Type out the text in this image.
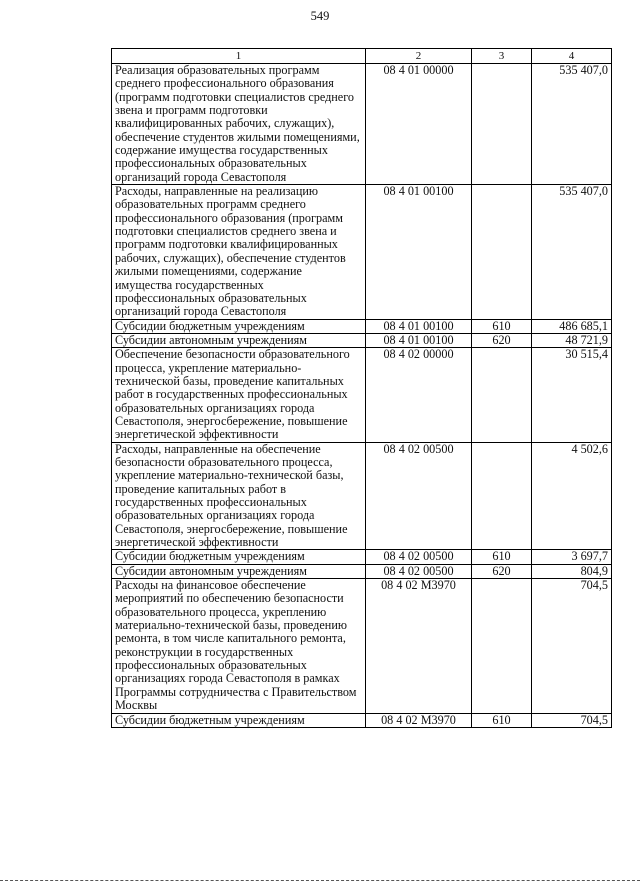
549
1	2	3	4
Реализация образовательных программ среднего профессионального образования (программ подготовки специалистов среднего звена и программ подготовки квалифицированных рабочих, служащих), обеспечение студентов жилыми помещениями, содержание имущества государственных профессиональных образовательных организаций города Севастополя	08 4 01 00000		535 407,0
Расходы, направленные на реализацию образовательных программ среднего профессионального образования (программ подготовки специалистов среднего звена и программ подготовки квалифицированных рабочих, служащих), обеспечение студентов жилыми помещениями, содержание имущества государственных профессиональных образовательных организаций города Севастополя	08 4 01 00100		535 407,0
Субсидии бюджетным учреждениям	08 4 01 00100	610	486 685,1
Субсидии автономным учреждениям	08 4 01 00100	620	48 721,9
Обеспечение безопасности образовательного процесса, укрепление материально-технической базы, проведение капитальных работ в государственных профессиональных образовательных организациях города Севастополя, энергосбережение, повышение энергетической эффективности	08 4 02 00000		30 515,4
Расходы, направленные на обеспечение безопасности образовательного процесса, укрепление материально-технической базы, проведение капитальных работ в государственных профессиональных образовательных организациях города Севастополя, энергосбережение, повышение энергетической эффективности	08 4 02 00500		4 502,6
Субсидии бюджетным учреждениям	08 4 02 00500	610	3 697,7
Субсидии автономным учреждениям	08 4 02 00500	620	804,9
Расходы на финансовое обеспечение мероприятий по обеспечению безопасности образовательного процесса, укреплению материально-технической базы, проведению ремонта, в том числе капитального ремонта, реконструкции в государственных профессиональных образовательных организациях города Севастополя в рамках Программы сотрудничества с Правительством Москвы	08 4 02 М3970		704,5
Субсидии бюджетным учреждениям	08 4 02 М3970	610	704,5
